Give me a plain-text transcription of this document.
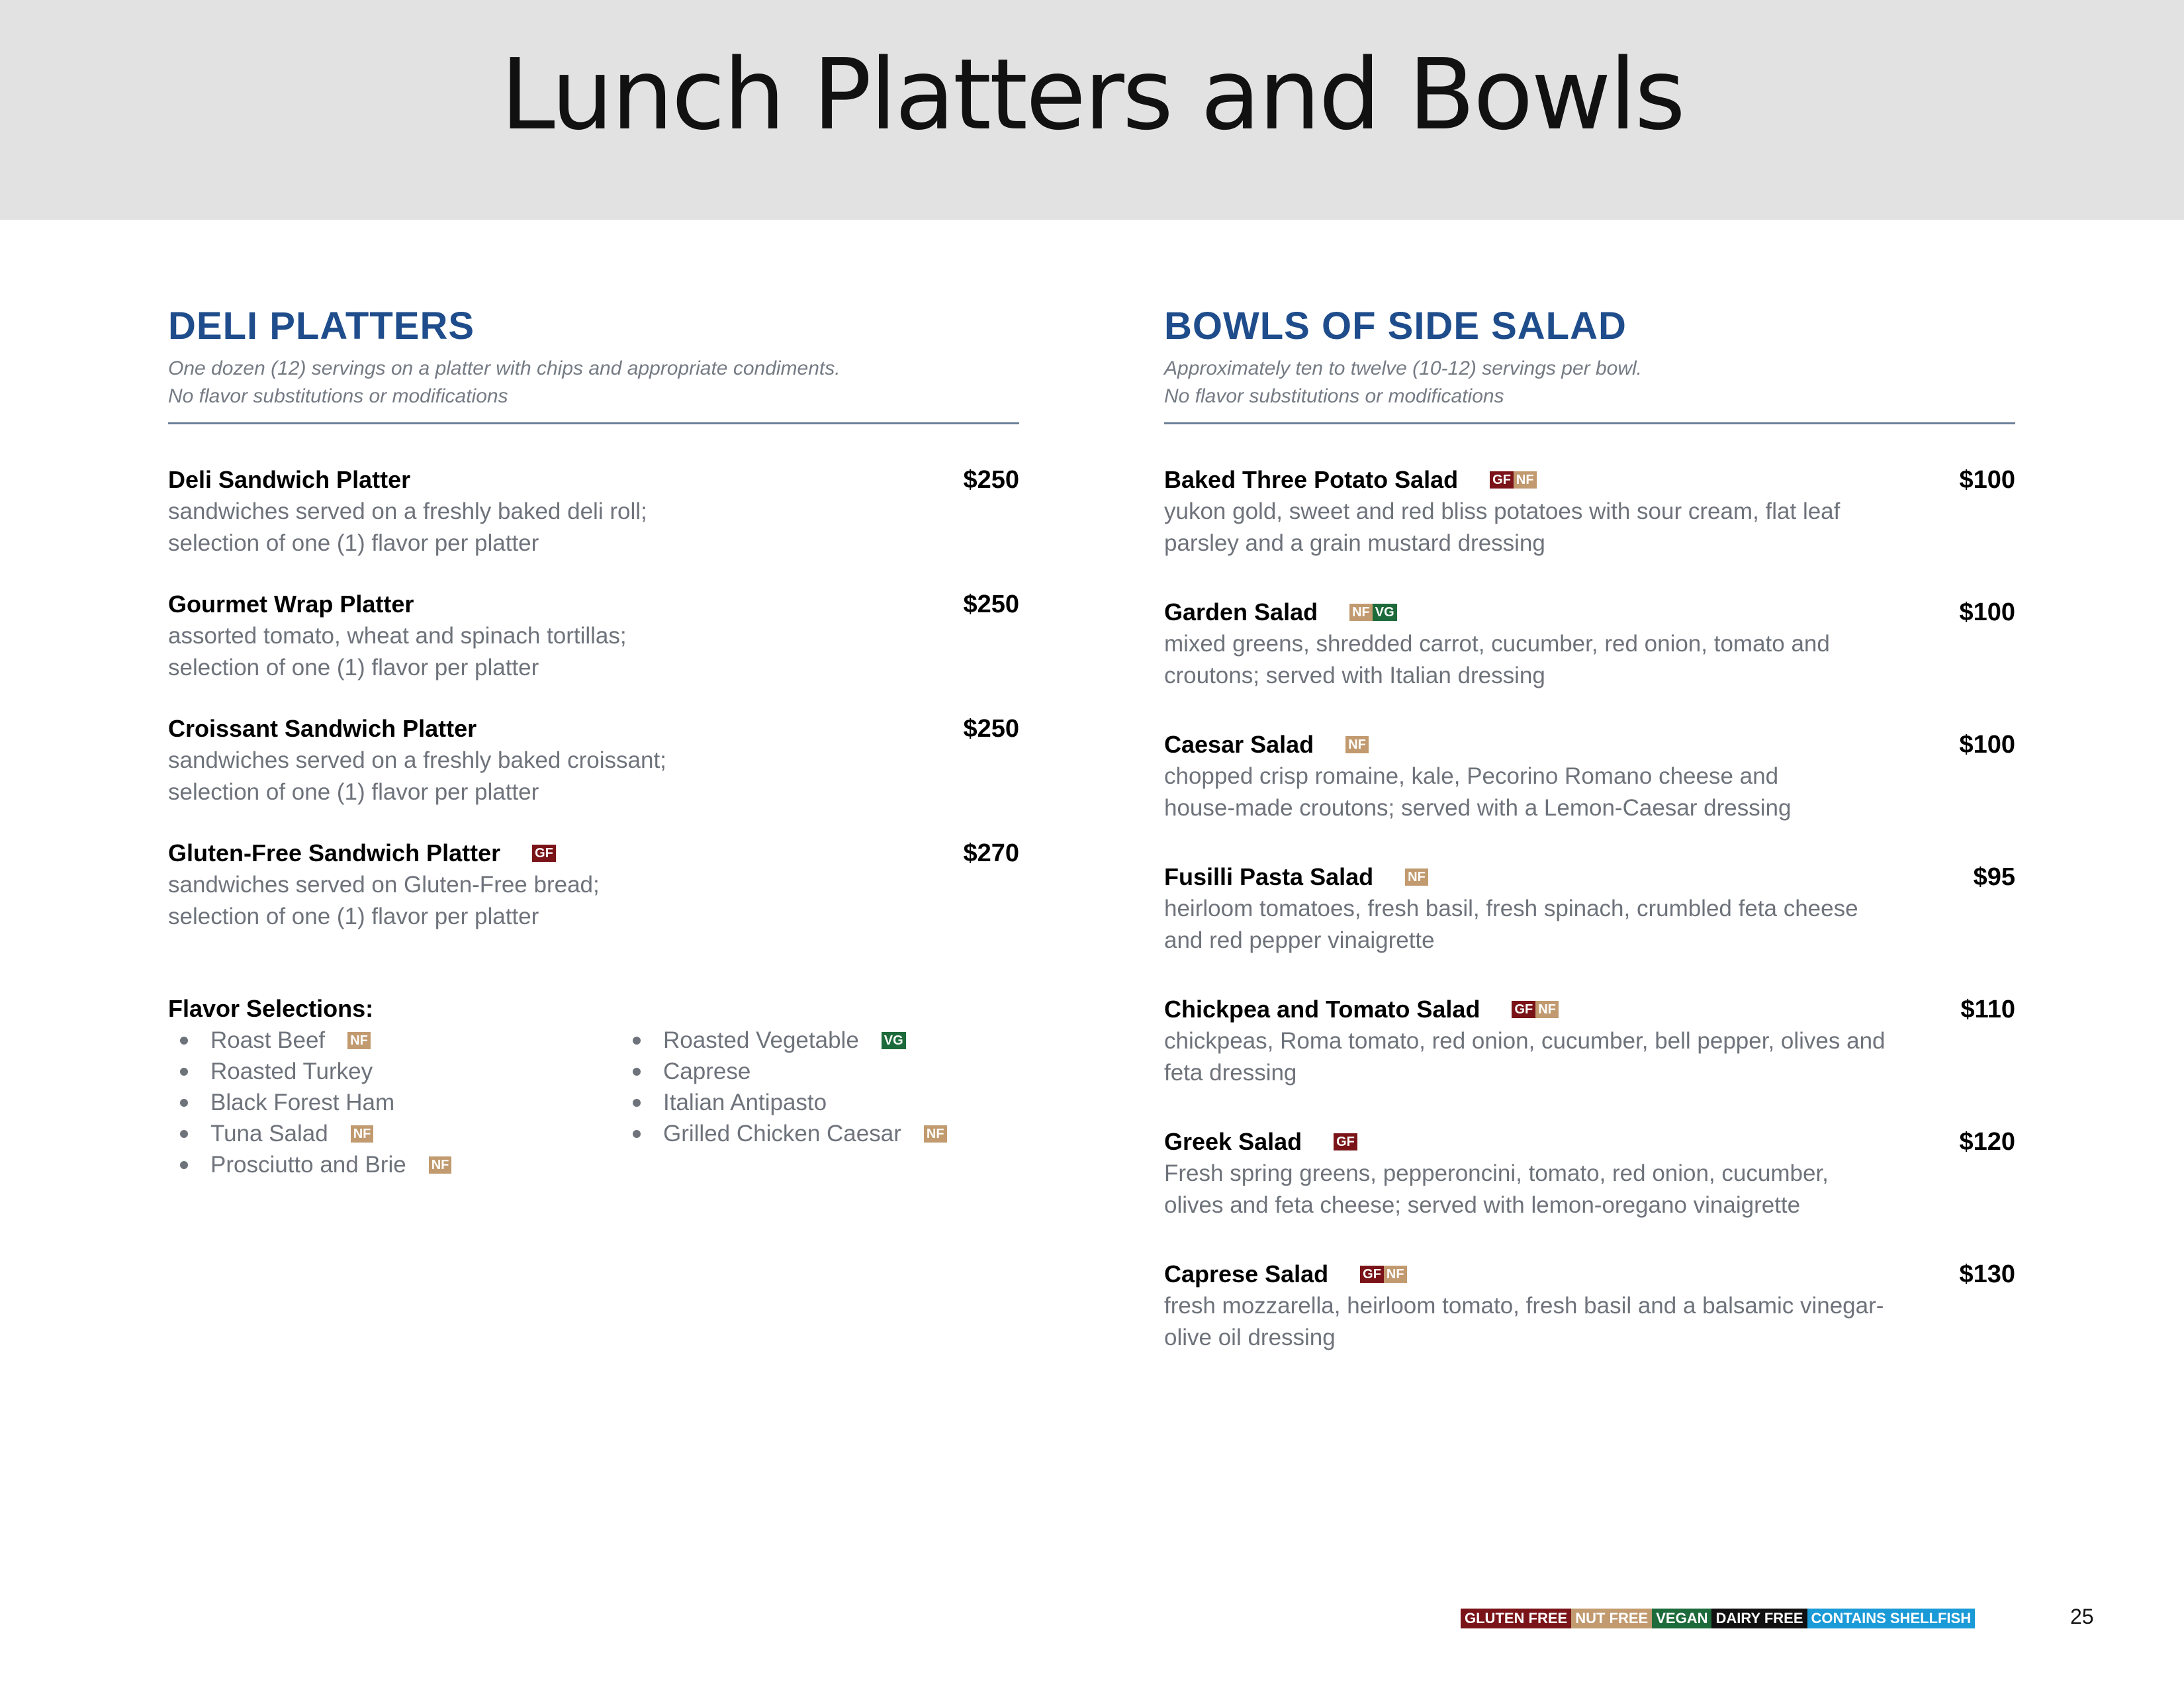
Lunch Platters and Bowls
DELI PLATTERS

One dozen (12) servings on a platter with chips and appropriate condiments.
No flavor substitutions or modifications

Deli Sandwich Platter	$250

sandwiches served on a freshly baked deli roll;
selection of one (1) flavor per platter

Gourmet Wrap Platter	$250

assorted tomato, wheat and spinach tortillas;
selection of one (1) flavor per platter

Croissant Sandwich Platter	$250

sandwiches served on a freshly baked croissant;
selection of one (1) flavor per platter

Gluten-Free Sandwich Platter	GF	$270

sandwiches served on Gluten-Free bread;
selection of one (1) flavor per platter

Flavor Selections:
Roast Beef NF
Roasted Turkey
Black Forest Ham
Tuna Salad NF
Prosciutto and Brie NF
Roasted Vegetable VG
Caprese
Italian Antipasto
Grilled Chicken Caesar NF
BOWLS OF SIDE SALAD

Approximately ten to twelve (10-12) servings per bowl.
No flavor substitutions or modifications

Baked Three Potato Salad	GF NF	$100

yukon gold, sweet and red bliss potatoes with sour cream, flat leaf
parsley and a grain mustard dressing

Garden Salad	NF VG	$100

mixed greens, shredded carrot, cucumber, red onion, tomato and
croutons; served with Italian dressing

Caesar Salad	NF	$100

chopped crisp romaine, kale, Pecorino Romano cheese and
house-made croutons; served with a Lemon-Caesar dressing

Fusilli Pasta Salad	NF	$95

heirloom tomatoes, fresh basil, fresh spinach, crumbled feta cheese
and red pepper vinaigrette

Chickpea and Tomato Salad	GF NF	$110

chickpeas, Roma tomato, red onion, cucumber, bell pepper, olives and
feta dressing

Greek Salad	GF	$120

Fresh spring greens, pepperoncini, tomato, red onion, cucumber,
olives and feta cheese; served with lemon-oregano vinaigrette

Caprese Salad	GF NF	$130

fresh mozzarella, heirloom tomato, fresh basil and a balsamic vinegar-
olive oil dressing

GLUTEN FREE NUT FREE VEGAN DAIRY FREE CONTAINS SHELLFISH	25
